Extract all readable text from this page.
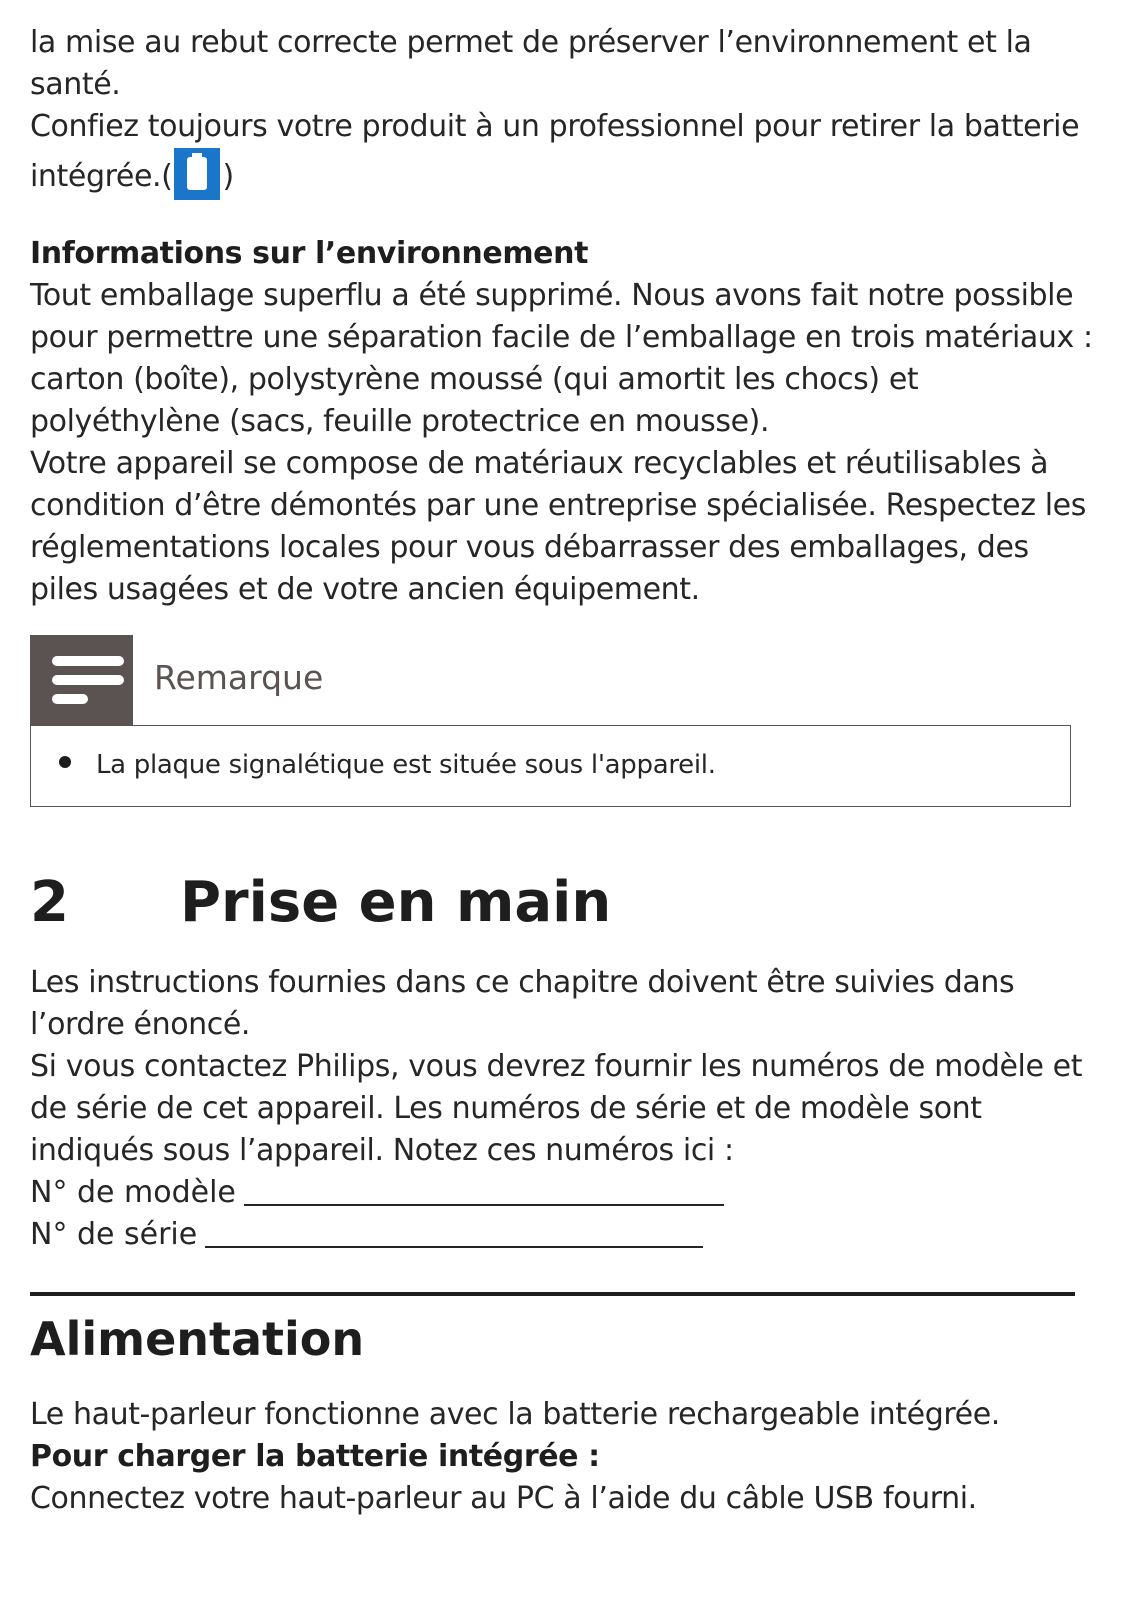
la mise au rebut correcte permet de préserver l’environnement et la santé.

Confiez toujours votre produit à un professionnel pour retirer la batterie intégrée.( )

Informations sur l’environnement

Tout emballage superflu a été supprimé. Nous avons fait notre possible pour permettre une séparation facile de l’emballage en trois matériaux : carton (boîte), polystyrène moussé (qui amortit les chocs) et polyéthylène (sacs, feuille protectrice en mousse).

Votre appareil se compose de matériaux recyclables et réutilisables à condition d’être démontés par une entreprise spécialisée. Respectez les réglementations locales pour vous débarrasser des emballages, des piles usagées et de votre ancien équipement.

Remarque

La plaque signalétique est située sous l'appareil.

2 Prise en main

Les instructions fournies dans ce chapitre doivent être suivies dans l’ordre énoncé.

Si vous contactez Philips, vous devrez fournir les numéros de modèle et de série de cet appareil. Les numéros de série et de modèle sont indiqués sous l’appareil. Notez ces numéros ici :

N° de modèle

N° de série

Alimentation

Le haut-parleur fonctionne avec la batterie rechargeable intégrée.

Pour charger la batterie intégrée :

Connectez votre haut-parleur au PC à l’aide du câble USB fourni.
